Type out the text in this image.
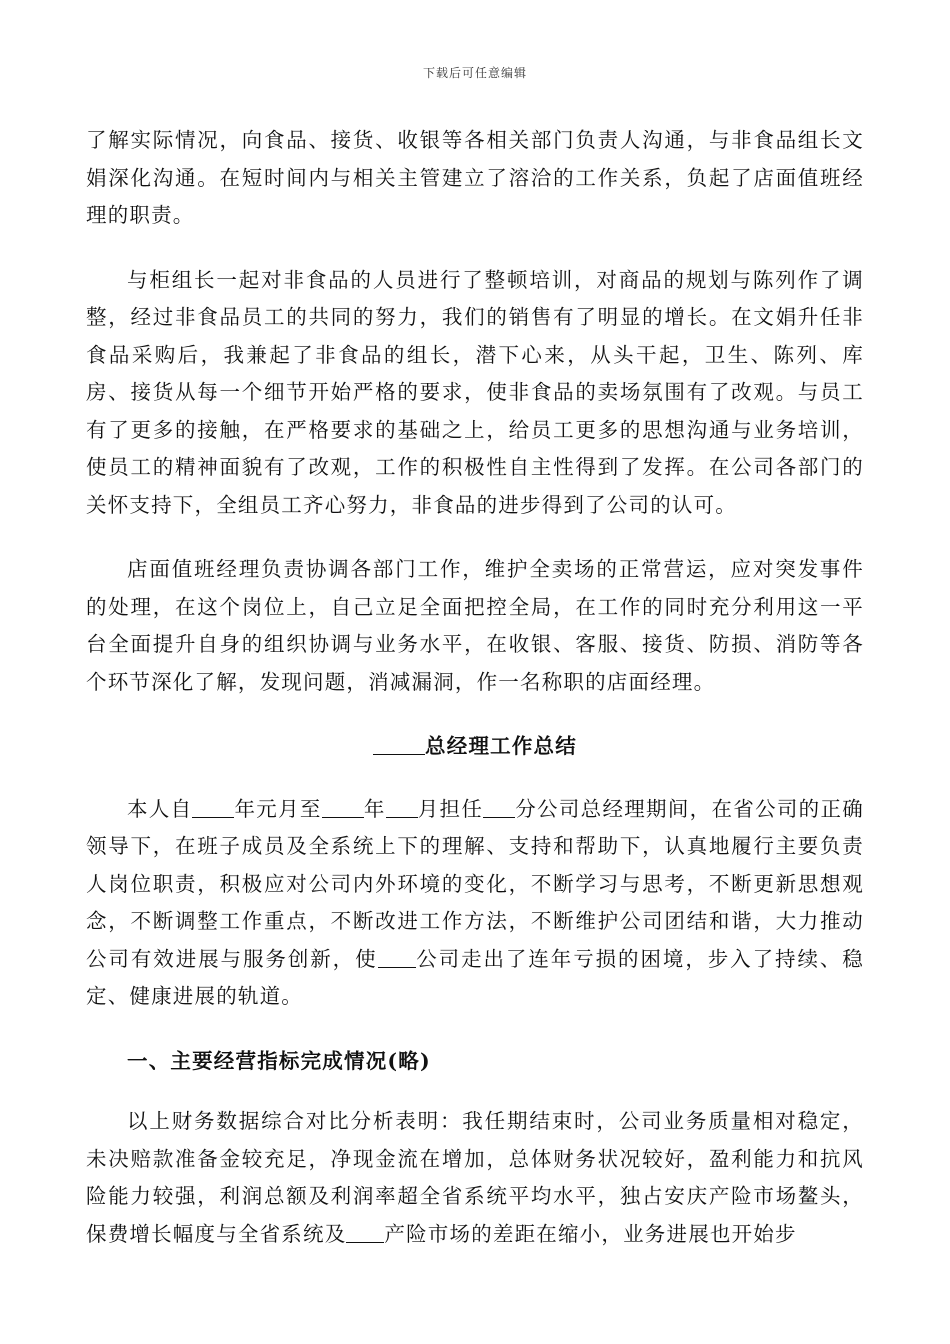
下载后可任意编辑

了解实际情况，向食品、接货、收银等各相关部门负责人沟通，与非食品组长文娟深化沟通。在短时间内与相关主管建立了溶洽的工作关系，负起了店面值班经理的职责。

与柜组长一起对非食品的人员进行了整顿培训，对商品的规划与陈列作了调整，经过非食品员工的共同的努力，我们的销售有了明显的增长。在文娟升任非食品采购后，我兼起了非食品的组长，潜下心来，从头干起，卫生、陈列、库房、接货从每一个细节开始严格的要求，使非食品的卖场氛围有了改观。与员工有了更多的接触，在严格要求的基础之上，给员工更多的思想沟通与业务培训，使员工的精神面貌有了改观，工作的积极性自主性得到了发挥。在公司各部门的关怀支持下，全组员工齐心努力，非食品的进步得到了公司的认可。

店面值班经理负责协调各部门工作，维护全卖场的正常营运，应对突发事件的处理，在这个岗位上，自己立足全面把控全局，在工作的同时充分利用这一平台全面提升自身的组织协调与业务水平，在收银、客服、接货、防损、消防等各个环节深化了解，发现问题，消减漏洞，作一名称职的店面经理。

总经理工作总结

本人自 年元月至 年 月担任 分公司总经理期间，在省公司的正确领导下，在班子成员及全系统上下的理解、支持和帮助下，认真地履行主要负责人岗位职责，积极应对公司内外环境的变化，不断学习与思考，不断更新思想观念，不断调整工作重点，不断改进工作方法，不断维护公司团结和谐，大力推动公司有效进展与服务创新，使 公司走出了连年亏损的困境，步入了持续、稳定、健康进展的轨道。

一、主要经营指标完成情况(略)

以上财务数据综合对比分析表明：我任期结束时，公司业务质量相对稳定，未决赔款准备金较充足，净现金流在增加，总体财务状况较好，盈利能力和抗风险能力较强，利润总额及利润率超全省系统平均水平，独占安庆产险市场鳌头，保费增长幅度与全省系统及 产险市场的差距在缩小，业务进展也开始步
